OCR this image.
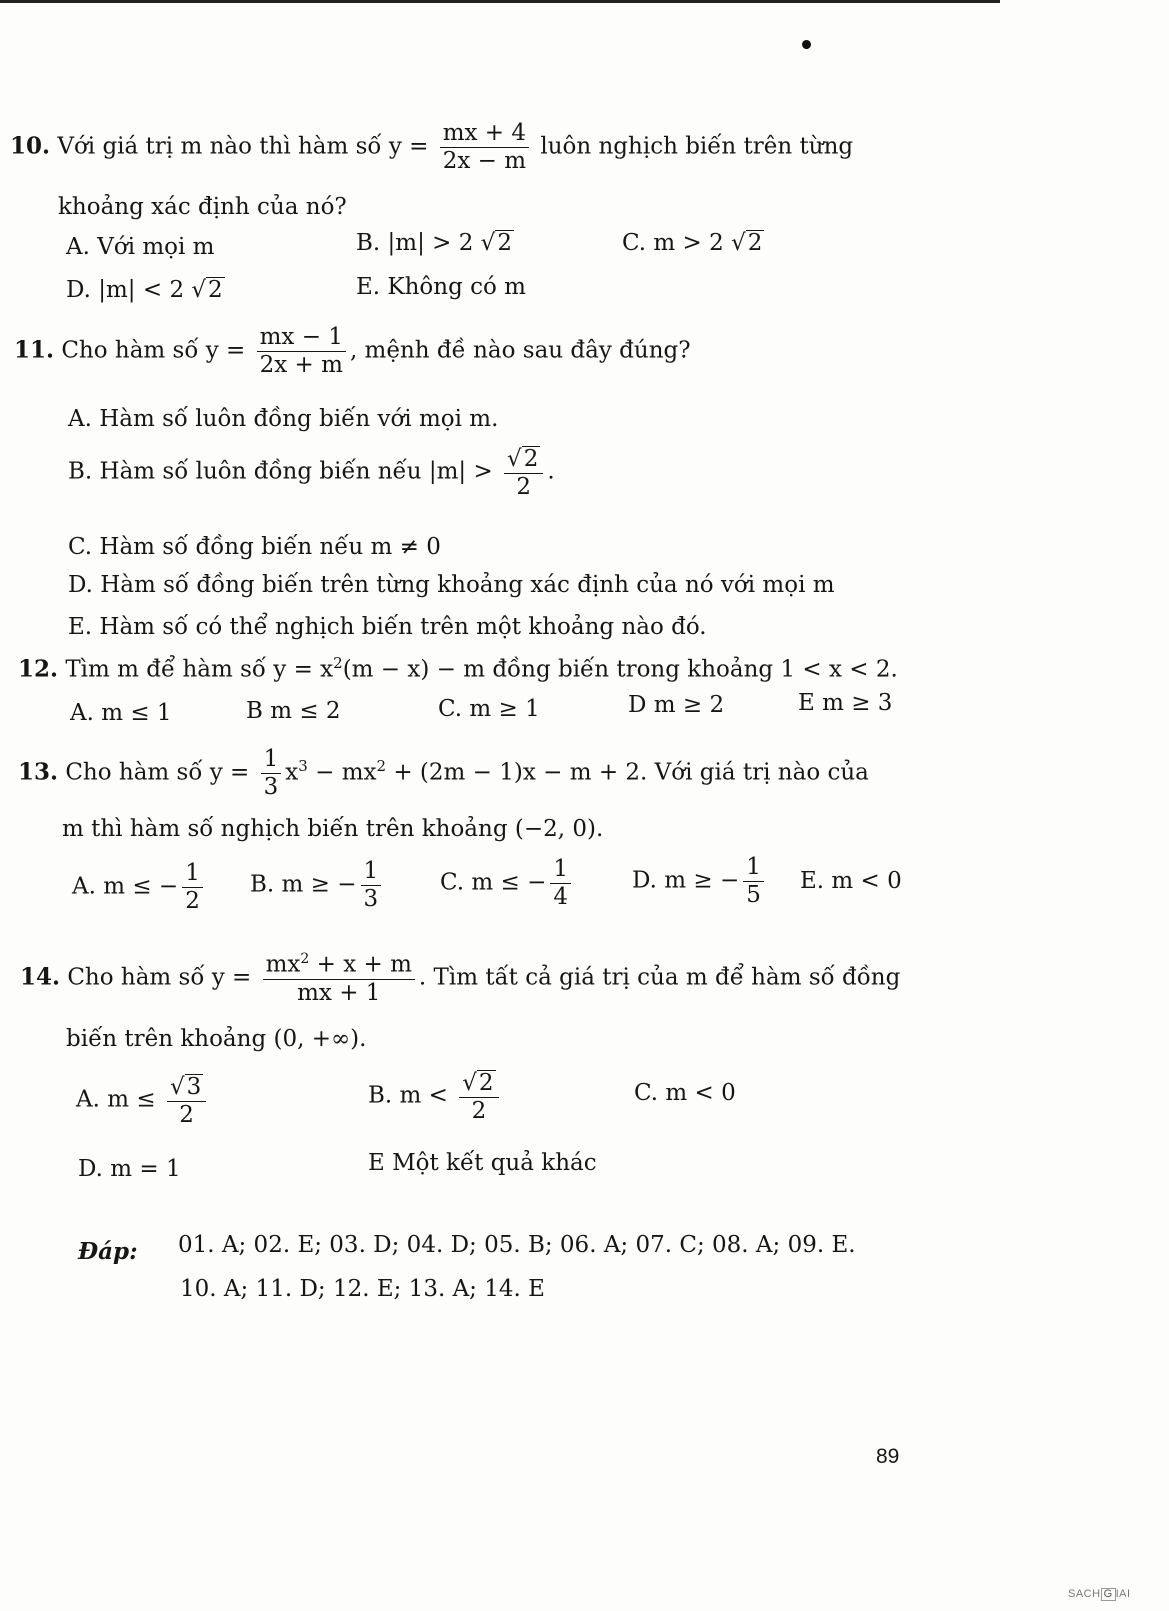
10. Với giá trị m nào thì hàm số $y = \frac{mx + 4}{2x - m}$ luôn nghịch biến trên từng
khoảng xác định của nó?
A. Với mọi m	B. |m| > 2 √2	C. m > 2 √2
D. |m| < 2 √2	E. Không có m
11. Cho hàm số $y = \frac{mx - 1}{2x + m}$ , mệnh đề nào sau đây đúng?
A. Hàm số luôn đồng biến với mọi m.
B. Hàm số luôn đồng biến nếu $|m| > \frac{√2}{2}$ .
C. Hàm số đồng biến nếu m ≠ 0
D. Hàm số đồng biến trên từng khoảng xác định của nó với mọi m
E. Hàm số có thể nghịch biến trên một khoảng nào đó.
12. Tìm m để hàm số $y = x^2(m - x) - m$ đồng biến trong khoảng 1 < x < 2.
A. m ≤ 1	B m ≤ 2	C. m ≥ 1	D m ≥ 2	E m ≥ 3
13. Cho hàm số $y = \frac{1}{3} x^3 - mx^2 + (2m - 1)x - m + 2$. Với giá trị nào của
m thì hàm số nghịch biến trên khoảng (−2, 0).
A. m ≤ − $\frac{1}{2} B$. m ≥ − $\frac{1}{3}$	C. m ≤ − $\frac{1}{4}$	D. m ≥ − $\frac{1}{5} E$. m < 0
14. Cho hàm số $y = \frac{mx^2 + x + m}{mx + 1}$ . Tìm tất cả giá trị của m để hàm số đồng
biến trên khoảng (0, +∞).
A. $m \le \frac{√3}{2}$	B. $m < \frac{√2}{2}$	C. m < 0
D. m = 1	E Một kết quả khác
Đáp: 01. A; 02. E; 03. D; 04. D; 05. B; 06. A; 07. C; 08. A; 09. E.
10. A; 11. D; 12. E; 13. A; 14. E
89
SACH G IAI
